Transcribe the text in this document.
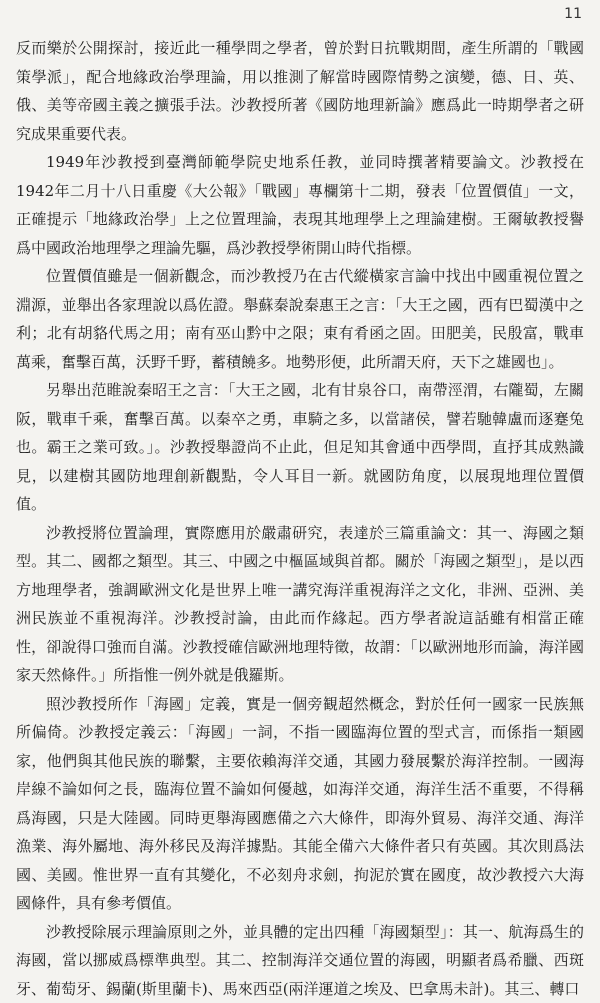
11

反而樂於公開探討，接近此一種學問之學者，曾於對日抗戰期間，產生所謂的「戰國策學派」，配合地緣政治學理論，用以推測了解當時國際情勢之演變，德、日、英、俄、美等帝國主義之擴張手法。沙教授所著《國防地理新論》應爲此一時期學者之研究成果重要代表。

1949年沙教授到臺灣師範學院史地系任教，並同時撰著精要論文。沙教授在1942年二月十八日重慶《大公報》「戰國」專欄第十二期，發表「位置價值」一文，正確提示「地緣政治學」上之位置理論，表現其地理學上之理論建樹。王爾敏教授譽爲中國政治地理學之理論先驅，爲沙教授學術開山時代指標。

位置價值雖是一個新觀念，而沙教授乃在古代縱橫家言論中找出中國重視位置之淵源，並舉出各家理說以爲佐證。舉蘇秦說秦惠王之言：「大王之國，西有巴蜀漢中之利；北有胡貉代馬之用；南有巫山黔中之限；東有肴函之固。田肥美，民殷富，戰車萬乘，奮擊百萬，沃野千野，蓄積饒多。地勢形便，此所謂天府，天下之雄國也」。

另舉出范睢說秦昭王之言：「大王之國，北有甘泉谷口，南帶涇渭，右隴蜀，左關阪，戰車千乘，奮擊百萬。以秦卒之勇，車騎之多，以當諸侯，譬若馳韓盧而逐蹇兔也。霸王之業可致。」。沙教授舉證尚不止此，但足知其會通中西學問，直抒其成熟識見，以建樹其國防地理創新觀點，令人耳目一新。就國防角度，以展現地理位置價值。

沙教授將位置論理，實際應用於嚴肅研究，表達於三篇重論文：其一、海國之類型。其二、國都之類型。其三、中國之中樞區域與首都。關於「海國之類型」，是以西方地理學者，強調歐洲文化是世界上唯一講究海洋重視海洋之文化，非洲、亞洲、美洲民族並不重視海洋。沙教授討論，由此而作緣起。西方學者說這話雖有相當正確性，卻說得口強而自滿。沙教授確信歐洲地理特徵，故謂：「以歐洲地形而論，海洋國家天然條件。」所指惟一例外就是俄羅斯。

照沙教授所作「海國」定義，實是一個旁観超然概念，對於任何一國家一民族無所偏倚。沙教授定義云：「海國」一詞，不指一國臨海位置的型式言，而係指一類國家，他們與其他民族的聯繫，主要依賴海洋交通，其國力發展繫於海洋控制。一國海岸線不論如何之長，臨海位置不論如何優越，如海洋交通，海洋生活不重要，不得稱爲海國，只是大陸國。同時更舉海國應備之六大條件，即海外貿易、海洋交通、海洋漁業、海外屬地、海外移民及海洋據點。其能全備六大條件者只有英國。其次則爲法國、美國。惟世界一直有其變化，不必刻舟求劍，拘泥於實在國度，故沙教授六大海國條件，具有參考價值。

沙教授除展示理論原則之外，並具體的定出四種「海國類型」：其一、航海爲生的海國，當以挪威爲標準典型。其二、控制海洋交通位置的海國，明顯者爲希臘、西斑牙、葡萄牙、錫蘭(斯里蘭卡)、馬來西亞(兩洋運道之埃及、巴拿馬未計)。其三、轉口
